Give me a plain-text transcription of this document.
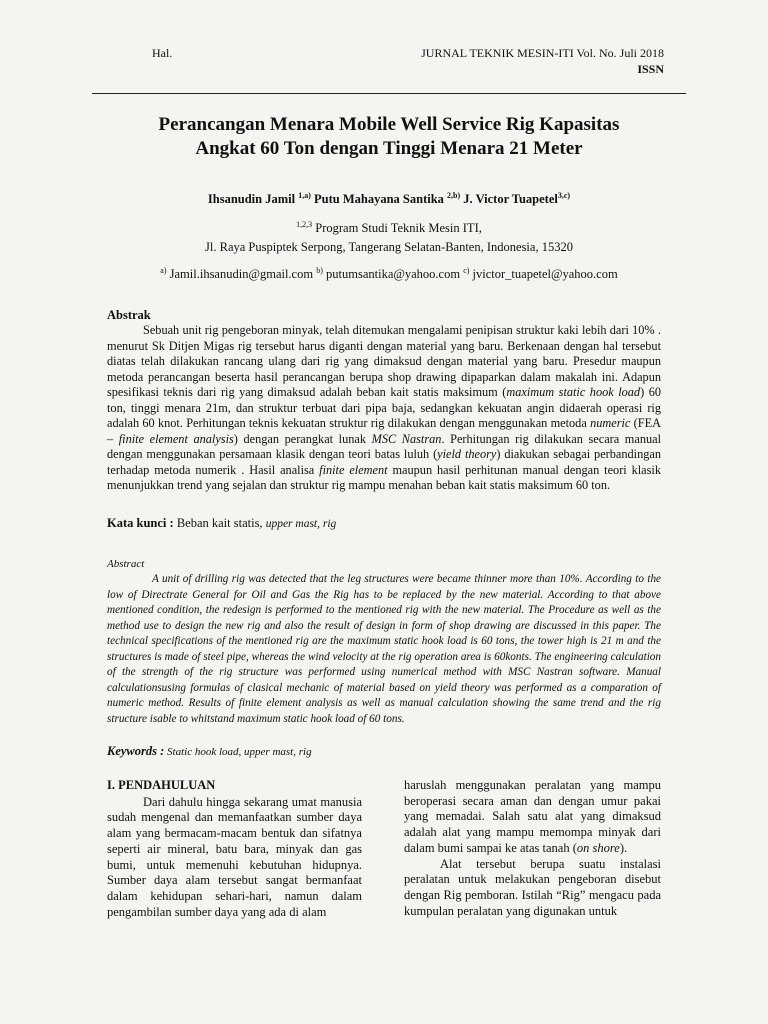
Hal.	JURNAL TEKNIK MESIN-ITI Vol. No. Juli 2018
ISSN
Perancangan Menara Mobile Well Service Rig Kapasitas
Angkat 60 Ton dengan Tinggi Menara 21 Meter
Ihsanudin Jamil $^{1,a)}$ Putu Mahayana Santika $^{2,b)}$ J. Victor Tuapetel$^{3,c)}$
$^{1,2,3}$ Program Studi Teknik Mesin ITI,
Jl. Raya Puspiptek Serpong, Tangerang Selatan-Banten, Indonesia, 15320
$^{a)}$ Jamil.ihsanudin@gmail.com $^{b)}$ putumsantika@yahoo.com $^{c)}$ jvictor_tuapetel@yahoo.com
Abstrak

Sebuah unit rig pengeboran minyak, telah ditemukan mengalami penipisan struktur kaki lebih dari 10% . menurut Sk Ditjen Migas rig tersebut harus diganti dengan material yang baru. Berkenaan dengan hal tersebut diatas telah dilakukan rancang ulang dari rig yang dimaksud dengan material yang baru. Presedur maupun metoda perancangan beserta hasil perancangan berupa shop drawing dipaparkan dalam makalah ini. Adapun spesifikasi teknis dari rig yang dimaksud adalah beban kait statis maksimum (maximum static hook load) 60 ton, tinggi menara 21m, dan struktur terbuat dari pipa baja, sedangkan kekuatan angin didaerah operasi rig adalah 60 knot. Perhitungan teknis kekuatan struktur rig dilakukan dengan menggunakan metoda numeric (FEA – finite element analysis) dengan perangkat lunak MSC Nastran. Perhitungan rig dilakukan secara manual dengan menggunakan persamaan klasik dengan teori batas luluh (yield theory) diakukan sebagai perbandingan terhadap metoda numerik . Hasil analisa finite element maupun hasil perhitunan manual dengan teori klasik menunjukkan trend yang sejalan dan struktur rig mampu menahan beban kait statis maksimum 60 ton.

Kata kunci : Beban kait statis, upper mast, rig
Abstract

A unit of drilling rig was detected that the leg structures were became thinner more than 10%. According to the low of Directrate General for Oil and Gas the Rig has to be replaced by the new material. According to that above mentioned condition, the redesign is performed to the mentioned rig with the new material. The Procedure as well as the method use to design the new rig and also the result of design in form of shop drawing are discussed in this paper. The technical specifications of the mentioned rig are the maximum static hook load is 60 tons, the tower high is 21 m and the structures is made of steel pipe, whereas the wind velocity at the rig operation area is 60konts. The engineering calculation of the strength of the rig structure was performed using numerical method with MSC Nastran software. Manual calculationsusing formulas of clasical mechanic of material based on yield theory was performed as a comparation of numeric method. Results of finite element analysis as well as manual calculation showing the same trend and the rig structure isable to whitstand maximum static hook load of 60 tons.

Keywords : Static hook load, upper mast, rig
I. PENDAHULUAN

Dari dahulu hingga sekarang umat manusia sudah mengenal dan memanfaatkan sumber daya alam yang bermacam-macam bentuk dan sifatnya seperti air mineral, batu bara, minyak dan gas bumi, untuk memenuhi kebutuhan hidupnya. Sumber daya alam tersebut sangat bermanfaat dalam kehidupan sehari-hari, namun dalam pengambilan sumber daya yang ada di alam

haruslah menggunakan peralatan yang mampu beroperasi secara aman dan dengan umur pakai yang memadai. Salah satu alat yang dimaksud adalah alat yang mampu memompa minyak dari dalam bumi sampai ke atas tanah (on shore).

Alat tersebut berupa suatu instalasi peralatan untuk melakukan pengeboran disebut dengan Rig pemboran. Istilah “Rig” mengacu pada kumpulan peralatan yang digunakan untuk
